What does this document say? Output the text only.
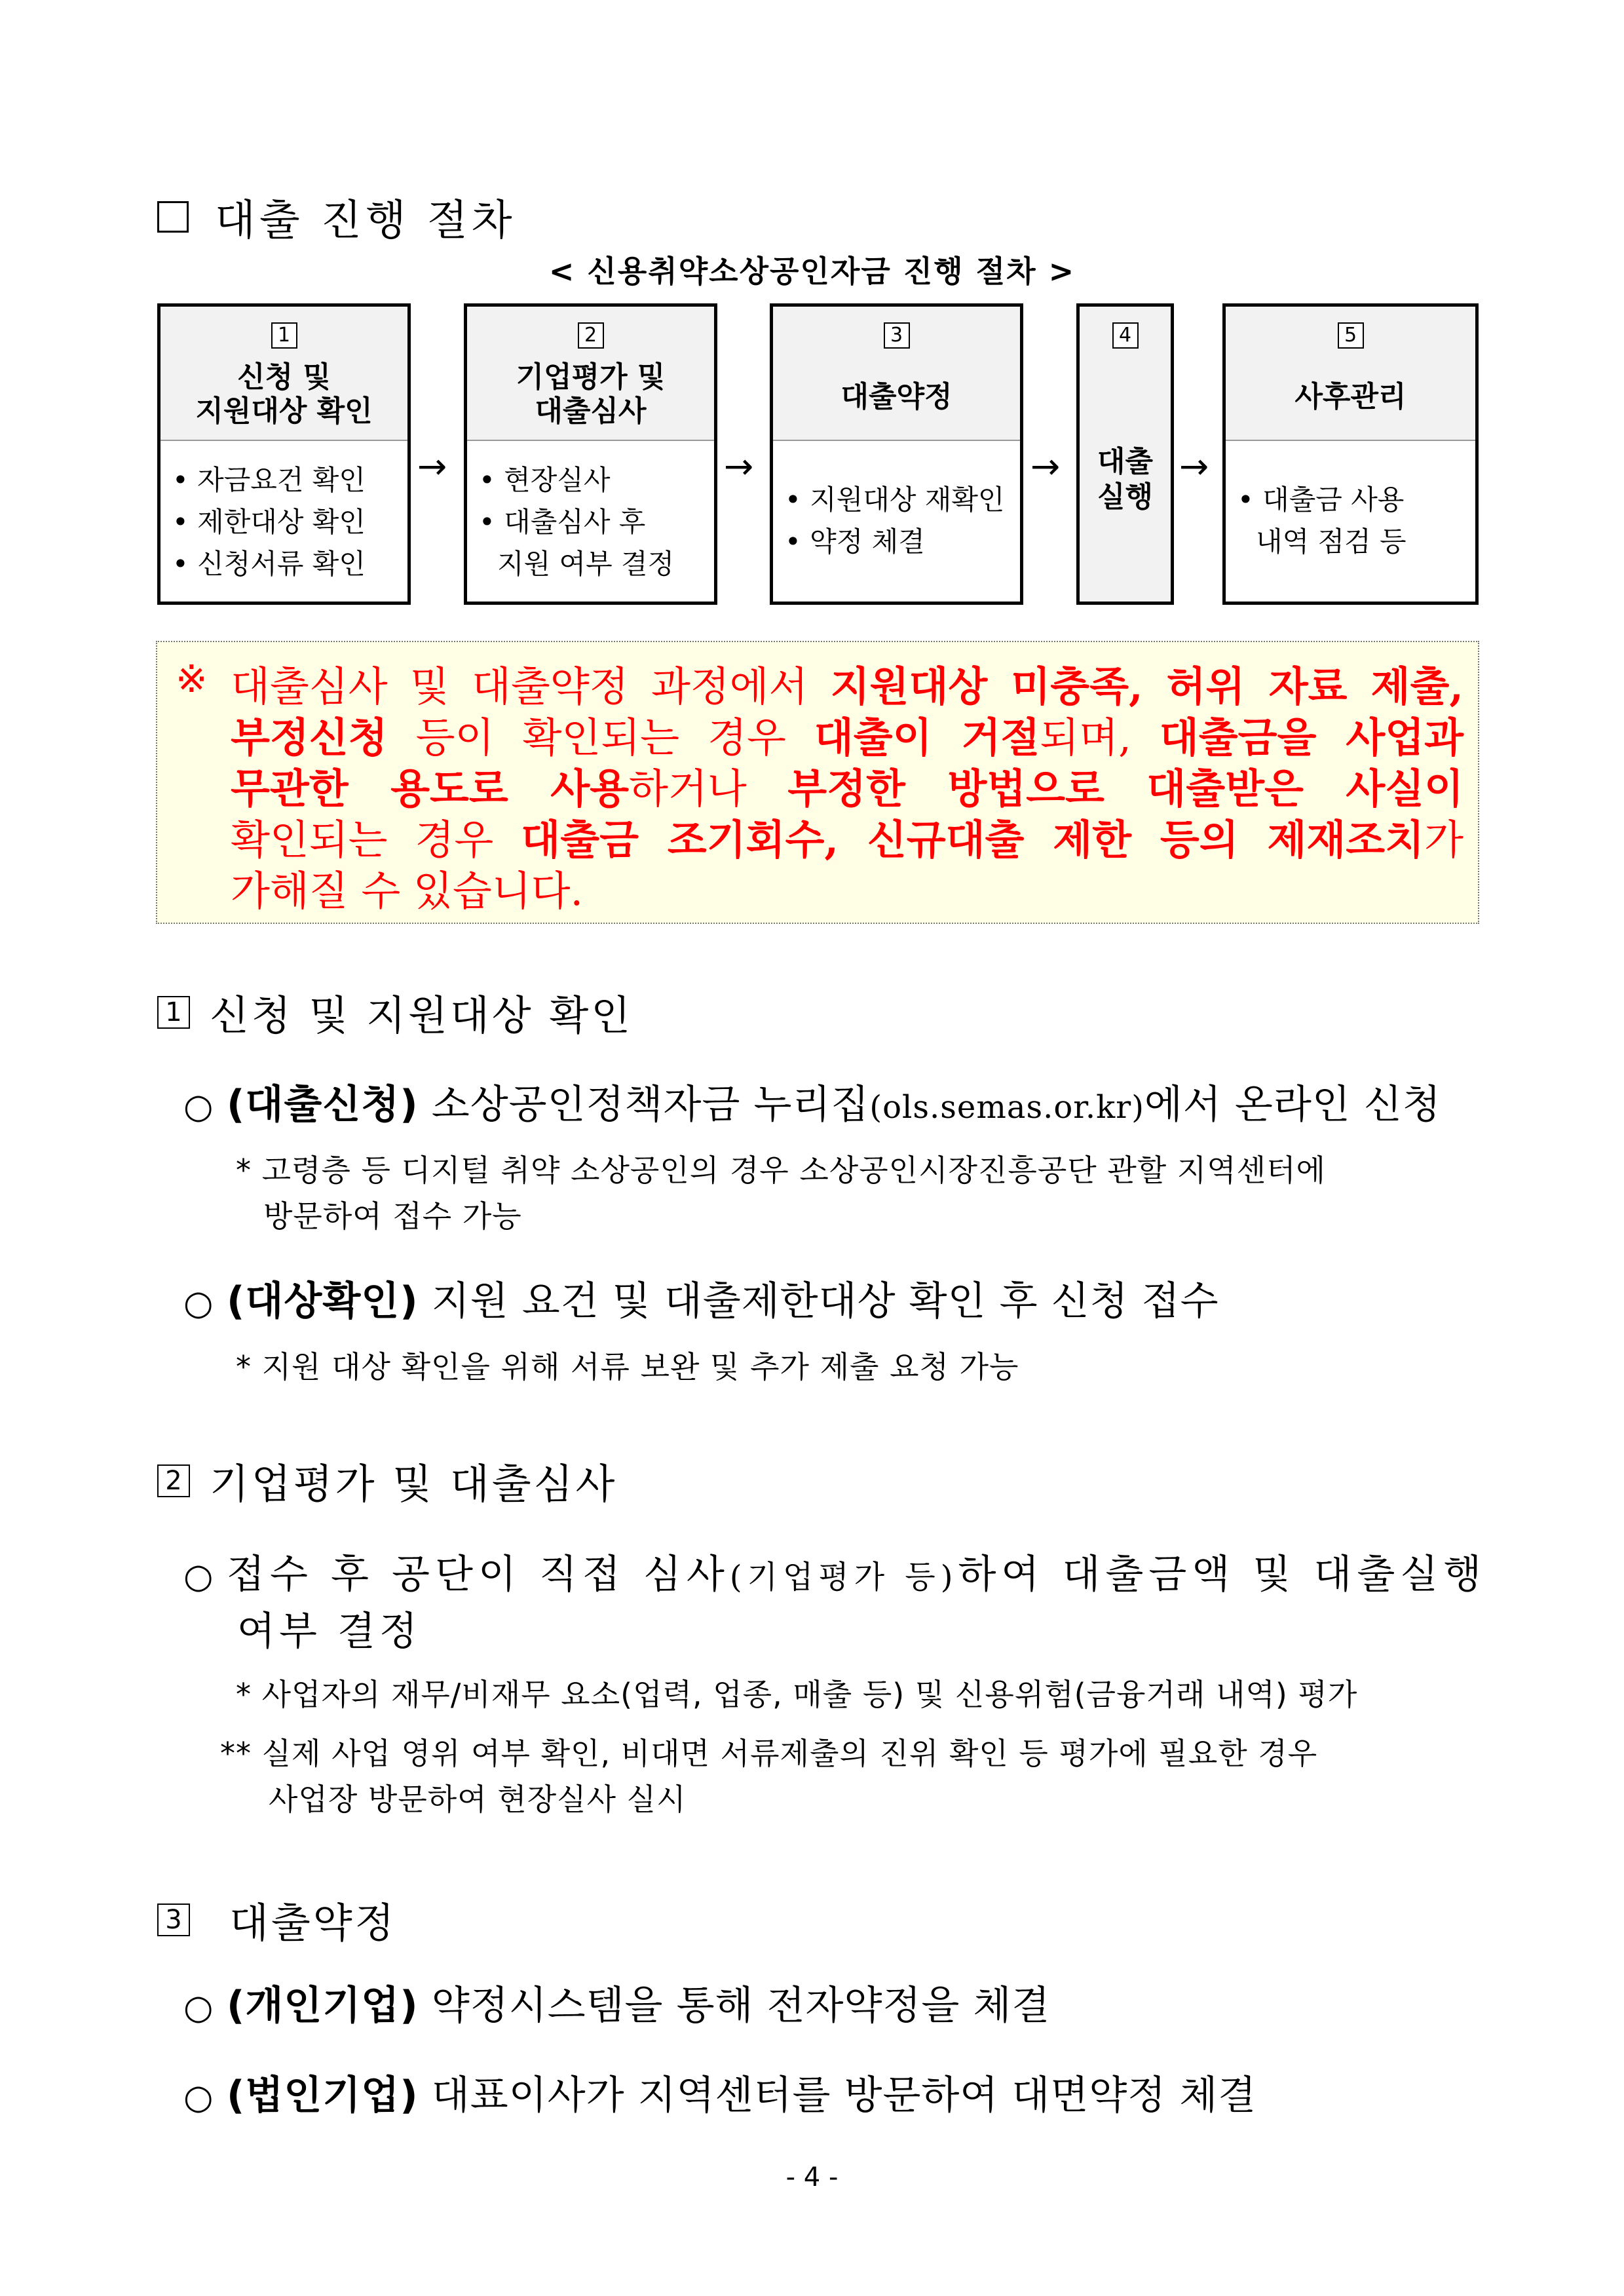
대출 진행 절차
< 신용취약소상공인자금 진행 절차 >
1
신청 및
지원대상 확인
• 자금요건 확인
• 제한대상 확인
• 신청서류 확인
→
2
기업평가 및
대출심사
• 현장실사
• 대출심사 후
지원 여부 결정
→
3
대출약정
• 지원대상 재확인
• 약정 체결
→
4
대출
실행
→
5
사후관리
• 대출금 사용
내역 점검 등
※ 대출심사 및 대출약정 과정에서 지원대상 미충족, 허위 자료 제출,
부정신청 등이 확인되는 경우 대출이 거절되며, 대출금을 사업과
무관한 용도로 사용하거나 부정한 방법으로 대출받은 사실이
확인되는 경우 대출금 조기회수, 신규대출 제한 등의 제재조치가
가해질 수 있습니다.
1 신청 및 지원대상 확인
○ (대출신청) 소상공인정책자금 누리집(ols.semas.or.kr)에서 온라인 신청
* 고령층 등 디지털 취약 소상공인의 경우 소상공인시장진흥공단 관할 지역센터에
방문하여 접수 가능
○ (대상확인) 지원 요건 및 대출제한대상 확인 후 신청 접수
* 지원 대상 확인을 위해 서류 보완 및 추가 제출 요청 가능
2 기업평가 및 대출심사
○ 접수 후 공단이 직접 심사(기업평가 등)하여 대출금액 및 대출실행
여부 결정
* 사업자의 재무/비재무 요소(업력, 업종, 매출 등) 및 신용위험(금융거래 내역) 평가
** 실제 사업 영위 여부 확인, 비대면 서류제출의 진위 확인 등 평가에 필요한 경우
사업장 방문하여 현장실사 실시
3 대출약정
○ (개인기업) 약정시스템을 통해 전자약정을 체결
○ (법인기업) 대표이사가 지역센터를 방문하여 대면약정 체결
- 4 -
